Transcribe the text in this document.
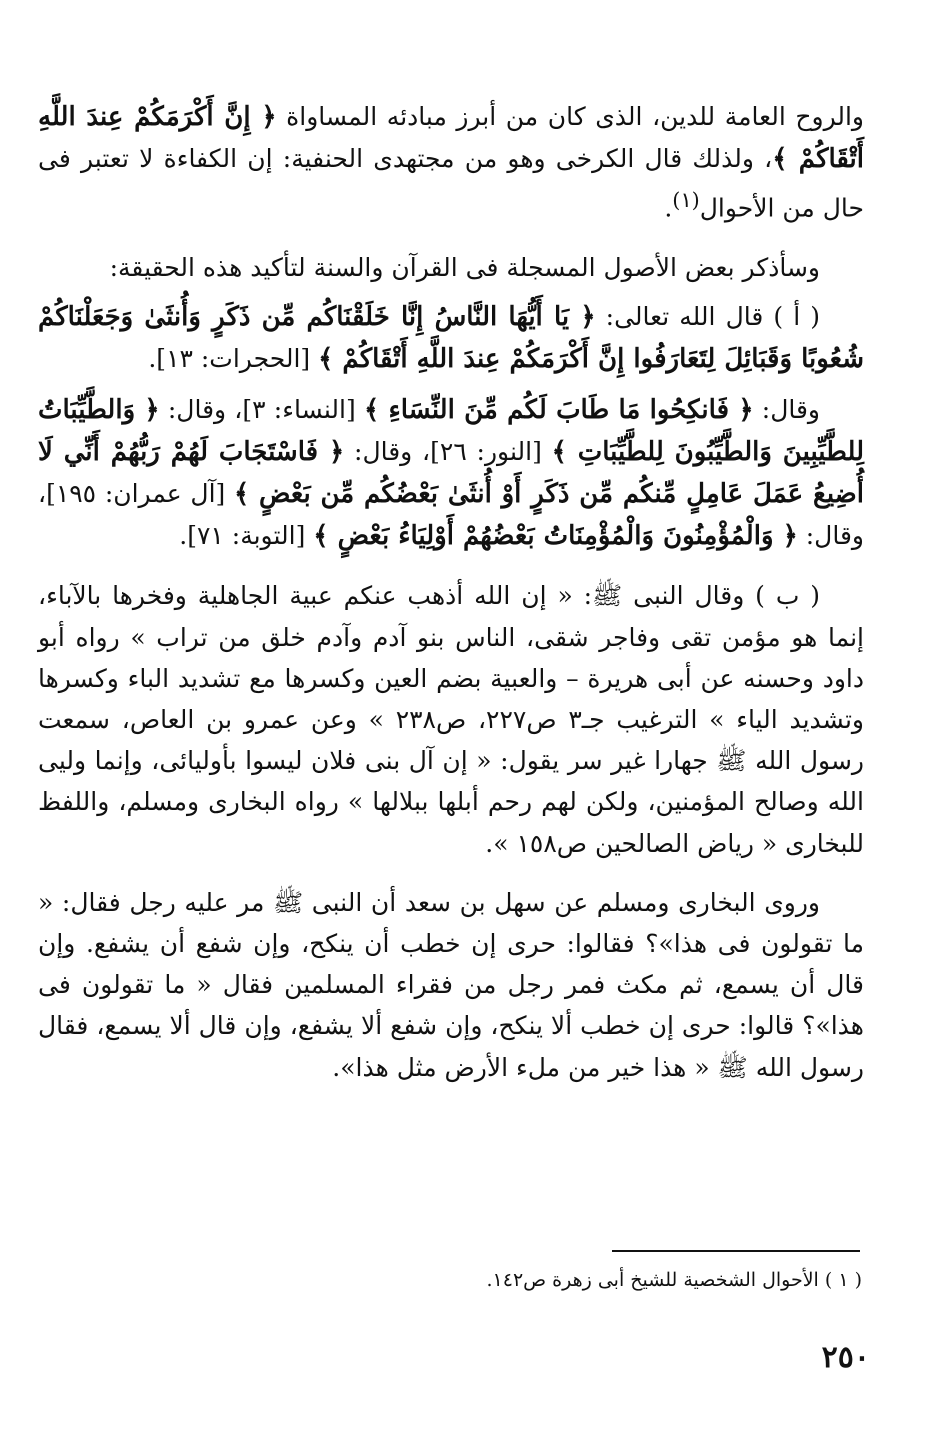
والروح العامة للدين، الذى كان من أبرز مبادئه المساواة ﴿ إِنَّ أَكْرَمَكُمْ عِندَ اللَّهِ أَتْقَاكُمْ ﴾، ولذلك قال الكرخى وهو من مجتهدى الحنفية: إن الكفاءة لا تعتبر فى حال من الأحوال$^{(١)}$.

وسأذكر بعض الأصول المسجلة فى القرآن والسنة لتأكيد هذه الحقيقة:

( أ ) قال الله تعالى: ﴿ يَا أَيُّهَا النَّاسُ إِنَّا خَلَقْنَاكُم مِّن ذَكَرٍ وَأُنثَىٰ وَجَعَلْنَاكُمْ شُعُوبًا وَقَبَائِلَ لِتَعَارَفُوا إِنَّ أَكْرَمَكُمْ عِندَ اللَّهِ أَتْقَاكُمْ ﴾ [الحجرات: ١٣].

وقال: ﴿ فَانكِحُوا مَا طَابَ لَكُم مِّنَ النِّسَاءِ ﴾ [النساء: ٣]، وقال: ﴿ وَالطَّيِّبَاتُ لِلطَّيِّبِينَ وَالطَّيِّبُونَ لِلطَّيِّبَاتِ ﴾ [النور: ٢٦]، وقال: ﴿ فَاسْتَجَابَ لَهُمْ رَبُّهُمْ أَنِّي لَا أُضِيعُ عَمَلَ عَامِلٍ مِّنكُم مِّن ذَكَرٍ أَوْ أُنثَىٰ بَعْضُكُم مِّن بَعْضٍ ﴾ [آل عمران: ١٩٥]، وقال: ﴿ وَالْمُؤْمِنُونَ وَالْمُؤْمِنَاتُ بَعْضُهُمْ أَوْلِيَاءُ بَعْضٍ ﴾ [التوبة: ٧١].

( ب ) وقال النبى ﷺ: « إن الله أذهب عنكم عبية الجاهلية وفخرها بالآباء، إنما هو مؤمن تقى وفاجر شقى، الناس بنو آدم وآدم خلق من تراب » رواه أبو داود وحسنه عن أبى هريرة – والعبية بضم العين وكسرها مع تشديد الباء وكسرها وتشديد الياء » الترغيب جـ٣ ص٢٢٧، ص٢٣٨ » وعن عمرو بن العاص، سمعت رسول الله ﷺ جهارا غير سر يقول: « إن آل بنى فلان ليسوا بأوليائى، وإنما وليى الله وصالح المؤمنين، ولكن لهم رحم أبلها ببلالها » رواه البخارى ومسلم، واللفظ للبخارى « رياض الصالحين ص١٥٨ ».

وروى البخارى ومسلم عن سهل بن سعد أن النبى ﷺ مر عليه رجل فقال: « ما تقولون فى هذا»؟ فقالوا: حرى إن خطب أن ينكح، وإن شفع أن يشفع. وإن قال أن يسمع، ثم مكث فمر رجل من فقراء المسلمين فقال « ما تقولون فى هذا»؟ قالوا: حرى إن خطب ألا ينكح، وإن شفع ألا يشفع، وإن قال ألا يسمع، فقال رسول الله ﷺ « هذا خير من ملء الأرض مثل هذا».

( ١ ) الأحوال الشخصية للشيخ أبى زهرة ص١٤٢.
٢٥٠
